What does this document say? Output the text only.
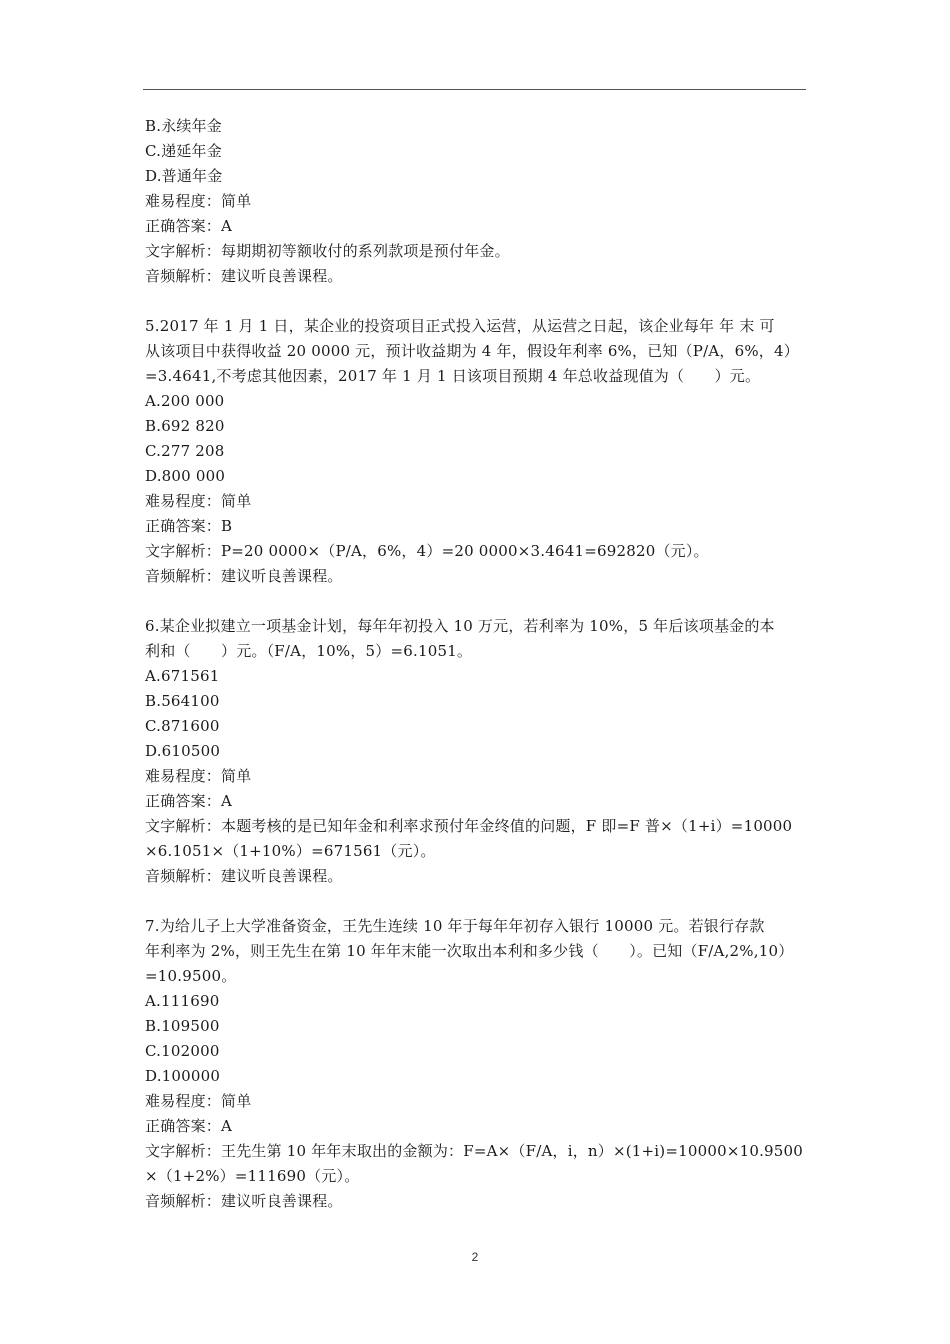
B.永续年金
C.递延年金
D.普通年金
难易程度：简单
正确答案：A
文字解析：每期期初等额收付的系列款项是预付年金。
音频解析：建议听良善课程。
5.2017 年 1 月 1 日，某企业的投资项目正式投入运营，从运营之日起，该企业每年 年 末 可
从该项目中获得收益 20 0000 元，预计收益期为 4 年，假设年利率 6%，已知（P/A，6%，4）
=3.4641,不考虑其他因素，2017 年 1 月 1 日该项目预期 4 年总收益现值为（　　）元。
A.200 000
B.692 820
C.277 208
D.800 000
难易程度：简单
正确答案：B
文字解析：P=20 0000×（P/A，6%，4）=20 0000×3.4641=692820（元）。
音频解析：建议听良善课程。
6.某企业拟建立一项基金计划，每年年初投入 10 万元，若利率为 10%，5 年后该项基金的本
利和（　　）元。（F/A，10%，5）=6.1051。
A.671561
B.564100
C.871600
D.610500
难易程度：简单
正确答案：A
文字解析：本题考核的是已知年金和利率求预付年金终值的问题，F 即=F 普×（1+i）=10000
×6.1051×（1+10%）=671561（元）。
音频解析：建议听良善课程。
7.为给儿子上大学准备资金，王先生连续 10 年于每年年初存入银行 10000 元。若银行存款
年利率为 2%，则王先生在第 10 年年末能一次取出本利和多少钱（　　）。已知（F/A,2%,10）
=10.9500。
A.111690
B.109500
C.102000
D.100000
难易程度：简单
正确答案：A
文字解析：王先生第 10 年年末取出的金额为：F=A×（F/A，i，n）×(1+i)=10000×10.9500
×（1+2%）=111690（元）。
音频解析：建议听良善课程。
2
